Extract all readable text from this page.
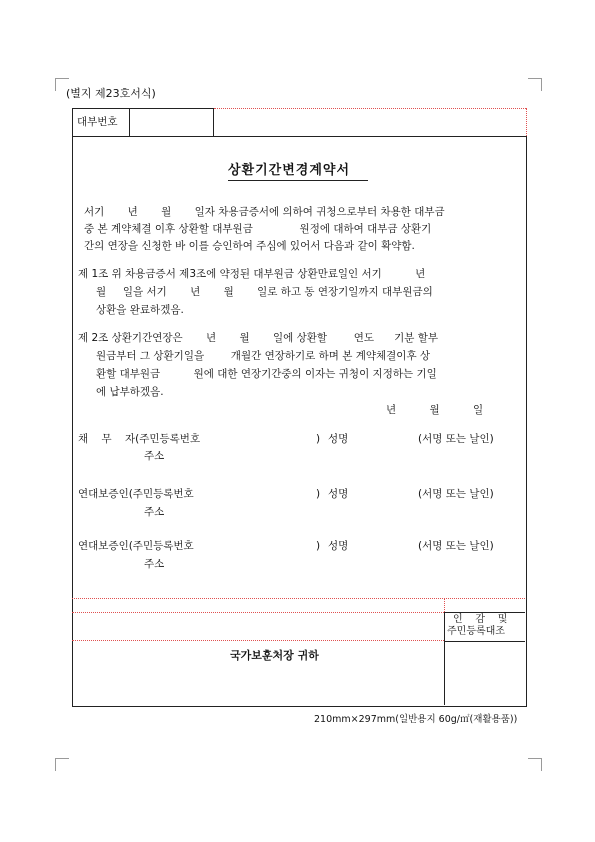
(별지 제23호서식)
대부번호
상환기간변경계약서
서기       년       월       일자 차용금증서에 의하여 귀청으로부터 차용한 대부금
중 본 계약체결 이후 상환할 대부원금              원정에 대하여 대부금 상환기
간의 연장을 신청한 바 이를 승인하여 주심에 있어서 다음과 같이 확약함.
제 1조 위 차용금증서 제3조에 약정된 대부원금 상환만료일인 서기          년
월     일을 서기       년       월       일로 하고 동 연장기일까지 대부원금의
상환을 완료하겠음.
제 2조 상환기간연장은       년       월       일에 상환할        연도      기분 할부
원금부터 그 상환기일을        개월간 연장하기로 하며 본 계약체결이후 상
환할 대부원금          원에 대한 연장기간중의 이자는 귀청이 지정하는 기일
에 납부하겠음.
년          월          일
채    무    자(주민등록번호	) 성명	(서명 또는 날인)
주소
연대보증인(주민등록번호	) 성명	(서명 또는 날인)
주소
연대보증인(주민등록번호	) 성명	(서명 또는 날인)
주소
인    감    및
주민등록대조
국가보훈처장 귀하
210mm×297mm(일반용지 60g/㎡(재활용품))
